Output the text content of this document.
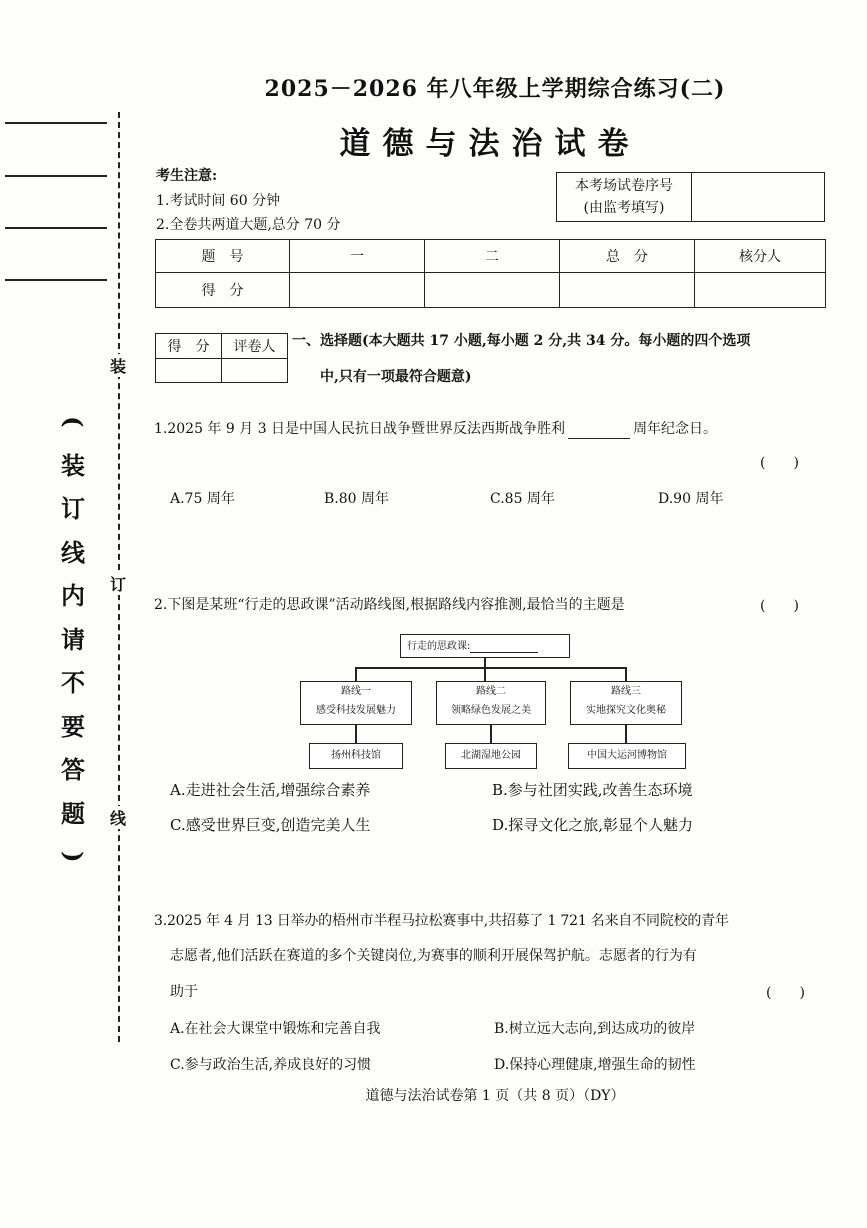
装
订
线
(
装
订
线
内
请
不
要
答
题
)
2025－2026 年八年级上学期综合练习(二)
道德与法治试卷
考生注意:
1.考试时间 60 分钟
2.全卷共两道大题,总分 70 分
本考场试卷序号
(由监考填写)

题　号	一	二	总　分	核分人
得　分				
得　分	评卷人
	一、选择题(本大题共 17 小题,每小题 2 分,共 34 分。每小题的四个选项
中,只有一项最符合题意)
1.2025 年 9 月 3 日是中国人民抗日战争暨世界反法西斯战争胜利	周年纪念日。
(　　)
A.75 周年	B.80 周年	C.85 周年	D.90 周年
2.下图是某班“行走的思政课”活动路线图,根据路线内容推测,最恰当的主题是	(　　)
行走的思政课:
路线一
感受科技发展魅力
路线二
领略绿色发展之美
路线三
实地探究文化奥秘
扬州科技馆	北湖湿地公园	中国大运河博物馆
A.走进社会生活,增强综合素养	B.参与社团实践,改善生态环境
C.感受世界巨变,创造完美人生	D.探寻文化之旅,彰显个人魅力
3.2025 年 4 月 13 日举办的梧州市半程马拉松赛事中,共招募了 1 721 名来自不同院校的青年
志愿者,他们活跃在赛道的多个关键岗位,为赛事的顺利开展保驾护航。志愿者的行为有
助于	(　　)
A.在社会大课堂中锻炼和完善自我	B.树立远大志向,到达成功的彼岸
C.参与政治生活,养成良好的习惯	D.保持心理健康,增强生命的韧性
道德与法治试卷第 1 页（共 8 页）（DY）
